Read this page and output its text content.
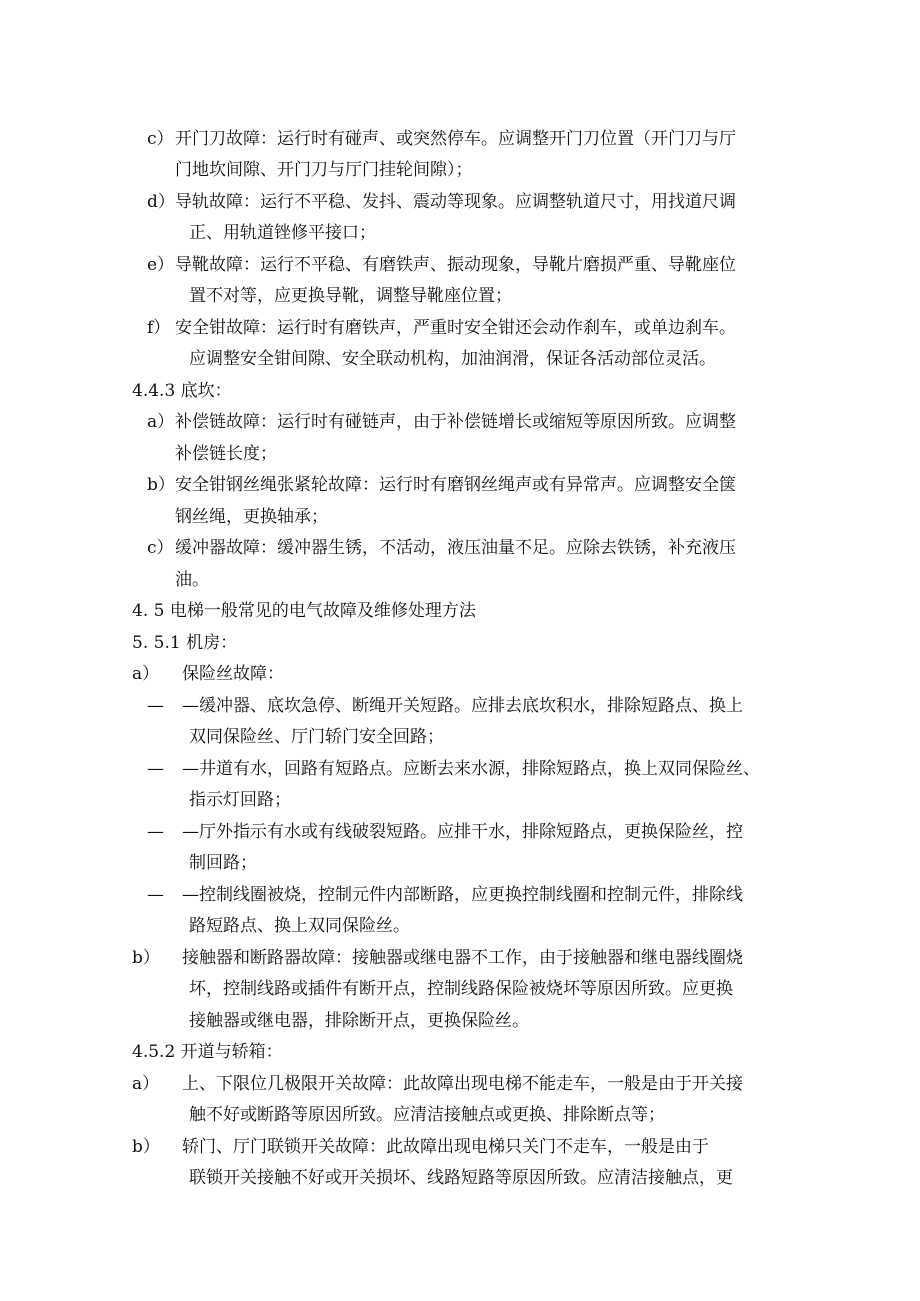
c） 开门刀故障：运行时有碰声、或突然停车。应调整开门刀位置（开门刀与厅
门地坎间隙、开门刀与厅门挂轮间隙）；
d） 导轨故障：运行不平稳、发抖、震动等现象。应调整轨道尺寸，用找道尺调
正、用轨道锉修平接口；
e） 导靴故障：运行不平稳、有磨铁声、振动现象，导靴片磨损严重、导靴座位
置不对等，应更换导靴，调整导靴座位置；
f） 安全钳故障：运行时有磨铁声，严重时安全钳还会动作刹车，或单边刹车。
应调整安全钳间隙、安全联动机构，加油润滑，保证各活动部位灵活。
4.4.3 底坎：
a） 补偿链故障：运行时有碰链声，由于补偿链增长或缩短等原因所致。应调整
补偿链长度；
b） 安全钳钢丝绳张紧轮故障：运行时有磨钢丝绳声或有异常声。应调整安全箧
钢丝绳，更换轴承；
c） 缓冲器故障：缓冲器生锈，不活动，液压油量不足。应除去铁锈，补充液压
油。
4. 5 电梯一般常见的电气故障及维修处理方法
5. 5.1 机房：
a） 保险丝故障：
— —缓冲器、底坎急停、断绳开关短路。应排去底坎积水，排除短路点、换上
双同保险丝、厅门轿门安全回路；
— —井道有水，回路有短路点。应断去来水源，排除短路点，换上双同保险丝、
指示灯回路；
— —厅外指示有水或有线破裂短路。应排干水，排除短路点，更换保险丝，控
制回路；
— —控制线圈被烧，控制元件内部断路，应更换控制线圈和控制元件，排除线
路短路点、换上双同保险丝。
b） 接触器和断路器故障：接触器或继电器不工作，由于接触器和继电器线圈烧
坏，控制线路或插件有断开点，控制线路保险被烧坏等原因所致。应更换
接触器或继电器，排除断开点，更换保险丝。
4.5.2 开道与轿箱：
a） 上、下限位几极限开关故障：此故障出现电梯不能走车，一般是由于开关接
触不好或断路等原因所致。应清洁接触点或更换、排除断点等；
b） 轿门、厅门联锁开关故障：此故障出现电梯只关门不走车，一般是由于
联锁开关接触不好或开关损坏、线路短路等原因所致。应清洁接触点，更
